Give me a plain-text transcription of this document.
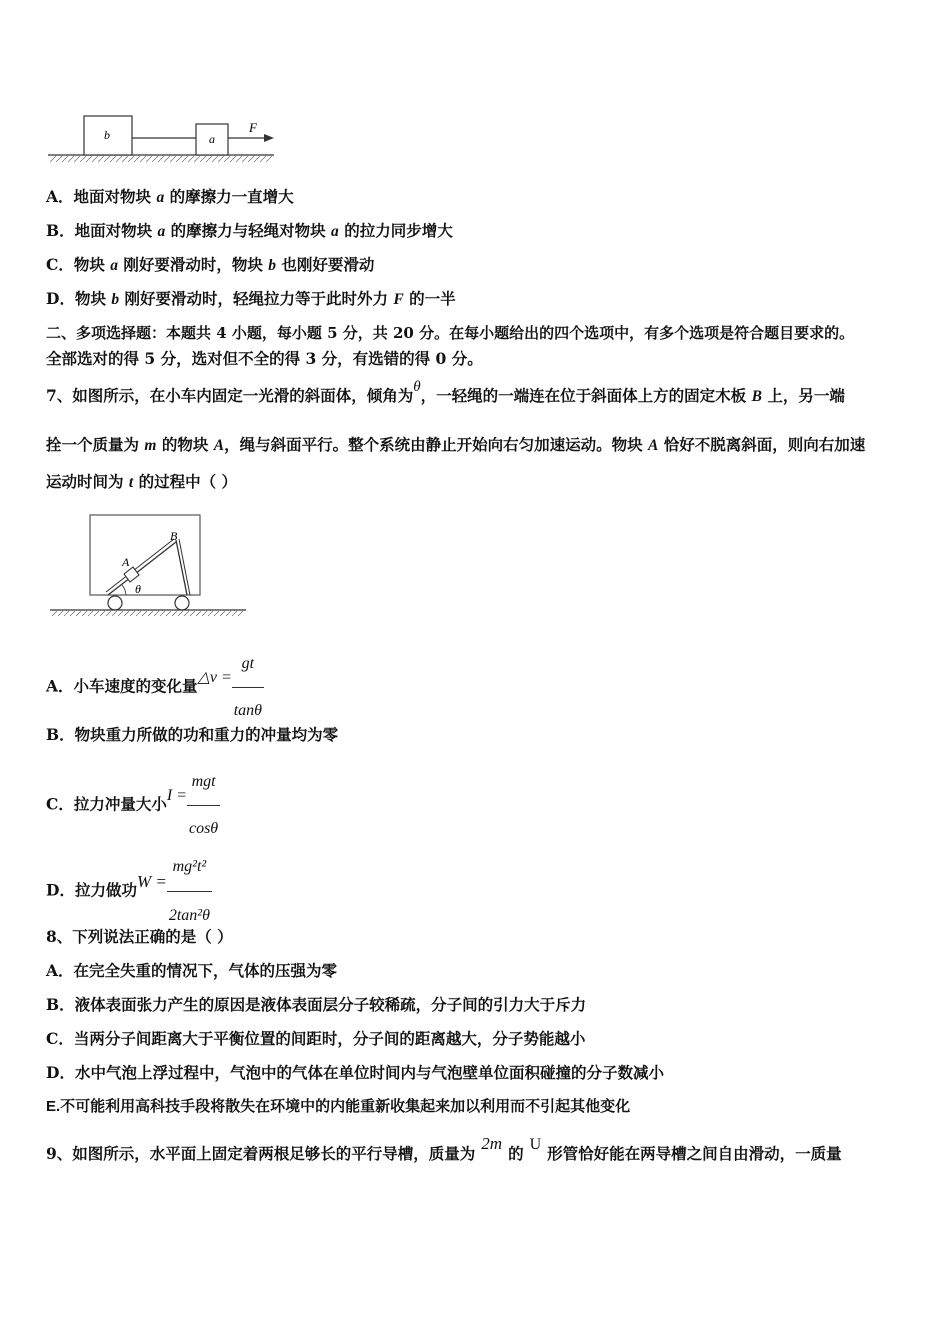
b	a
F
A．地面对物块 a 的摩擦力一直增大
B．地面对物块 a 的摩擦力与轻绳对物块 a 的拉力同步增大
C．物块 a 刚好要滑动时，物块 b 也刚好要滑动
D．物块 b 刚好要滑动时，轻绳拉力等于此时外力 F 的一半
二、多项选择题：本题共 4 小题，每小题 5 分，共 20 分。在每小题给出的四个选项中，有多个选项是符合题目要求的。
全部选对的得 5 分，选对但不全的得 3 分，有选错的得 0 分。
7、如图所示，在小车内固定一光滑的斜面体，倾角为θ，一轻绳的一端连在位于斜面体上方的固定木板 B 上，另一端
拴一个质量为 m 的物块 A，绳与斜面平行。整个系统由静止开始向右匀加速运动。物块 A 恰好不脱离斜面，则向右加速
运动时间为 t 的过程中（ ）
A
B
θ
A．小车速度的变化量△v = $\frac{gt}{\tan\theta}$
B．物块重力所做的功和重力的冲量均为零
C．拉力冲量大小$I = \frac{\text{mgt}}{\cos\theta}$
D．拉力做功$W = \frac{\text{mg²t²}}{\text{2tan²θ}}$
8、下列说法正确的是（ ）
A．在完全失重的情况下，气体的压强为零
B．液体表面张力产生的原因是液体表面层分子较稀疏，分子间的引力大于斥力
C．当两分子间距离大于平衡位置的间距时，分子间的距离越大，分子势能越小
D．水中气泡上浮过程中，气泡中的气体在单位时间内与气泡壁单位面积碰撞的分子数减小
E.不可能利用高科技手段将散失在环境中的内能重新收集起来加以利用而不引起其他变化
9、如图所示，水平面上固定着两根足够长的平行导槽，质量为2m的 U 形管恰好能在两导槽之间自由滑动，一质量
